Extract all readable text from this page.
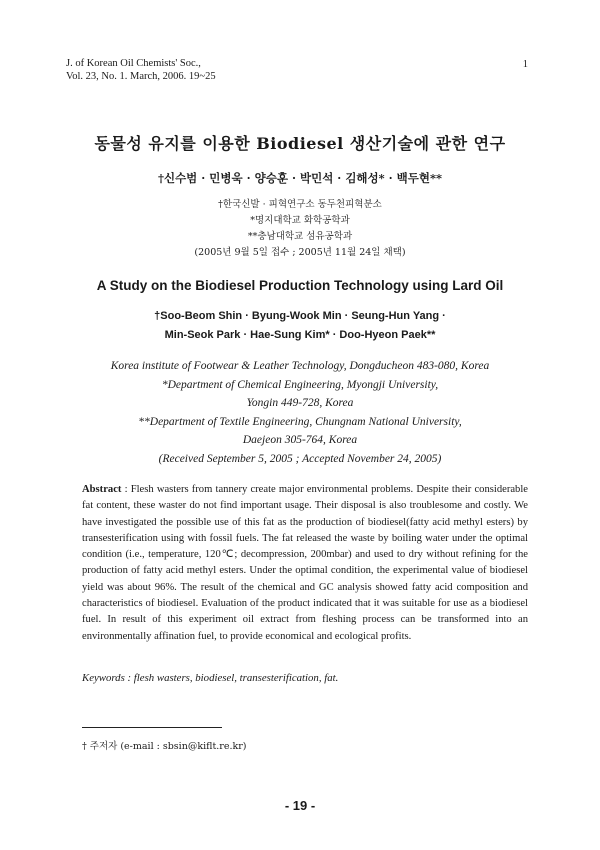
J. of Korean Oil Chemists' Soc.,
Vol. 23, No. 1. March, 2006. 19~25
1
동물성 유지를 이용한 Biodiesel 생산기술에 관한 연구
†신수범 · 민병욱 · 양승훈 · 박민석 · 김해성* · 백두현**
†한국신발 · 피혁연구소 동두천피혁분소
*명지대학교 화학공학과
**충남대학교 섬유공학과
(2005년 9월 5일 접수 ; 2005년 11월 24일 채택)
A Study on the Biodiesel Production Technology using Lard Oil
†Soo-Beom Shin · Byung-Wook Min · Seung-Hun Yang ·
Min-Seok Park · Hae-Sung Kim* · Doo-Hyeon Paek**
Korea institute of Footwear & Leather Technology, Dongducheon 483-080, Korea
*Department of Chemical Engineering, Myongji University,
Yongin 449-728, Korea
**Department of Textile Engineering, Chungnam National University,
Daejeon 305-764, Korea
(Received September 5, 2005 ; Accepted November 24, 2005)
Abstract : Flesh wasters from tannery create major environmental problems. Despite their considerable fat content, these waster do not find important usage. Their disposal is also troublesome and costly. We have investigated the possible use of this fat as the production of biodiesel(fatty acid methyl esters) by transesterification using with fossil fuels. The fat released the waste by boiling water under the optimal condition (i.e., temperature, 120℃; decompression, 200mbar) and used to dry without refining for the production of fatty acid methyl esters. Under the optimal condition, the experimental value of biodiesel yield was about 96%. The result of the chemical and GC analysis showed fatty acid composition and characteristics of biodiesel. Evaluation of the product indicated that it was suitable for use as a biodiesel fuel. In result of this experiment oil extract from fleshing process can be transformed into an environmentally affination fuel, to provide economical and ecological profits.
Keywords : flesh wasters, biodiesel, transesterification, fat.
† 주저자 (e-mail : sbsin@kiflt.re.kr)
- 19 -
